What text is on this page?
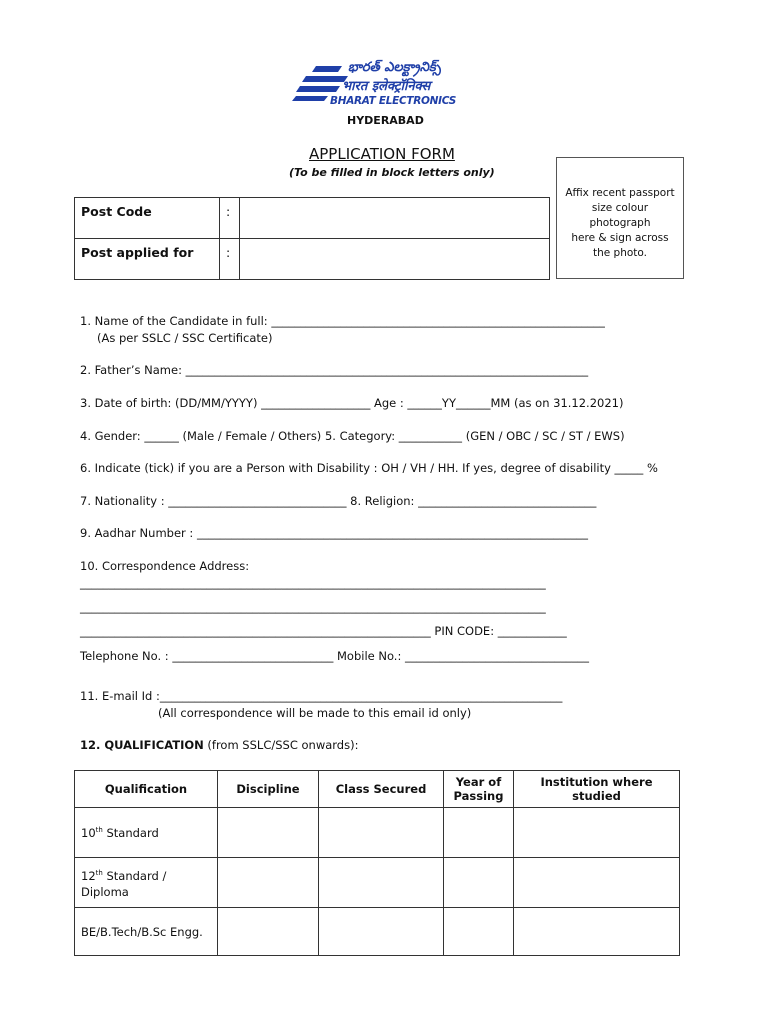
భారత్ ఎలక్ట్రానిక్స్
भारत इलेक्ट्रॉनिक्स
BHARAT ELECTRONICS
HYDERABAD
APPLICATION FORM
(To be filled in block letters only)
Affix recent passport
size colour
photograph
here & sign across
the photo.
Post Code	:	
Post applied for	:	
1. Name of the Candidate in full: __________________________________________________________
(As per SSLC / SSC Certificate)
2. Father’s Name: ______________________________________________________________________
3. Date of birth: (DD/MM/YYYY) ___________________ Age : ______YY______MM (as on 31.12.2021)
4. Gender: ______ (Male / Female / Others) 5. Category: ___________ (GEN / OBC / SC / ST / EWS)
6. Indicate (tick) if you are a Person with Disability : OH / VH / HH. If yes, degree of disability _____ %
7. Nationality : _______________________________ 8. Religion: _______________________________
9. Aadhar Number : ____________________________________________________________________
10. Correspondence Address:
_________________________________________________________________________________
_________________________________________________________________________________
_____________________________________________________________ PIN CODE: ____________
Telephone No. : ____________________________ Mobile No.: ________________________________
11. E-mail Id :______________________________________________________________________
(All correspondence will be made to this email id only)
12. QUALIFICATION (from SSLC/SSC onwards):
Qualification	Discipline	Class Secured	Year of Passing	Institution where studied
10th Standard				
12th Standard / Diploma				
BE/B.Tech/B.Sc Engg.				
